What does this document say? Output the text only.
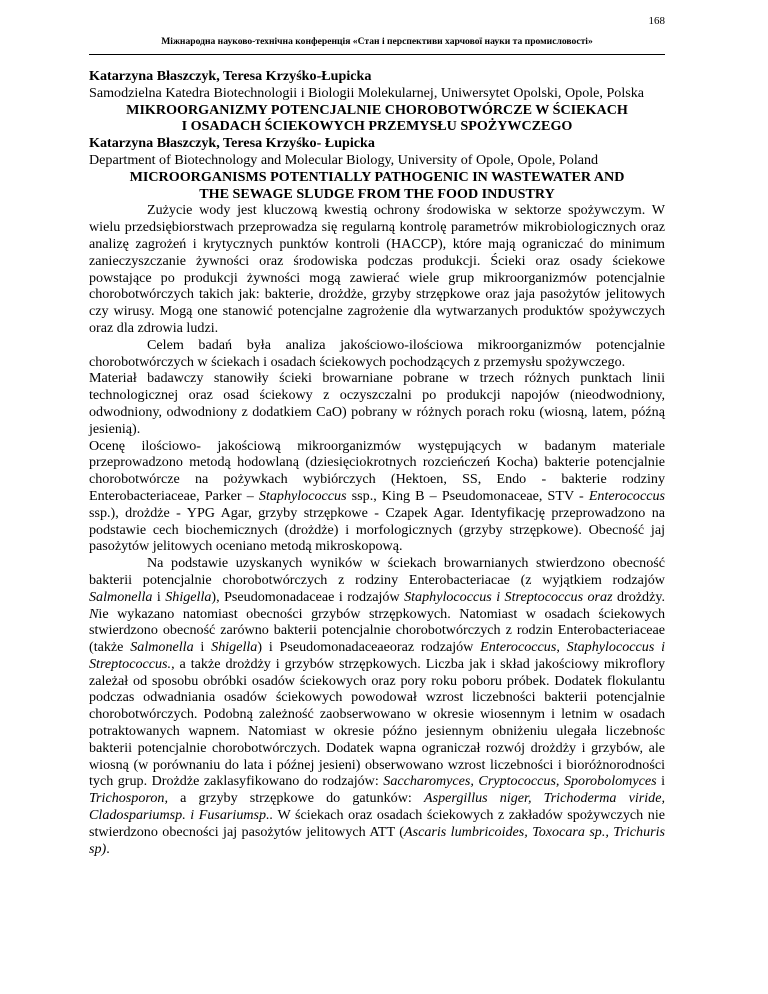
168
Міжнародна науково-технічна конференція «Стан і перспективи харчової науки та промисловості»

Katarzyna Błaszczyk, Teresa Krzyśko-Łupicka

Samodzielna Katedra Biotechnologii i Biologii Molekularnej, Uniwersytet Opolski, Opole, Polska

MIKROORGANIZMY POTENCJALNIE CHOROBOTWÓRCZE W ŚCIEKACH

I OSADACH ŚCIEKOWYCH PRZEMYSŁU SPOŻYWCZEGO

Katarzyna Błaszczyk, Teresa Krzyśko- Łupicka

Department of Biotechnology and Molecular Biology, University of Opole, Opole, Poland

MICROORGANISMS POTENTIALLY PATHOGENIC IN WASTEWATER AND

THE SEWAGE SLUDGE FROM THE FOOD INDUSTRY

Zużycie wody jest kluczową kwestią ochrony środowiska w sektorze spożywczym. W wielu przedsiębiorstwach przeprowadza się regularną kontrolę parametrów mikrobiologicznych oraz analizę zagrożeń i krytycznych punktów kontroli (HACCP), które mają ograniczać do minimum zanieczyszczanie żywności oraz środowiska podczas produkcji. Ścieki oraz osady ściekowe powstające po produkcji żywności mogą zawierać wiele grup mikroorganizmów potencjalnie chorobotwórczych takich jak: bakterie, drożdże, grzyby strzępkowe oraz jaja pasożytów jelitowych czy wirusy. Mogą one stanowić potencjalne zagrożenie dla wytwarzanych produktów spożywczych oraz dla zdrowia ludzi.

Celem badań była analiza jakościowo-ilościowa mikroorganizmów potencjalnie chorobotwórczych w ściekach i osadach ściekowych pochodzących z przemysłu spożywczego.

Materiał badawczy stanowiły ścieki browarniane pobrane w trzech różnych punktach linii technologicznej oraz osad ściekowy z oczyszczalni po produkcji napojów (nieodwodniony, odwodniony, odwodniony z dodatkiem CaO) pobrany w różnych porach roku (wiosną, latem, późną jesienią).

Ocenę ilościowo- jakościową mikroorganizmów występujących w badanym materiale przeprowadzono metodą hodowlaną (dziesięciokrotnych rozcieńczeń Kocha) bakterie potencjalnie chorobotwórcze na pożywkach wybiórczych (Hektoen, SS, Endo - bakterie rodziny Enterobacteriaceae, Parker – Staphylococcus ssp., King B – Pseudomonaceae, STV - Enterococcus ssp.), drożdże - YPG Agar, grzyby strzępkowe - Czapek Agar. Identyfikację przeprowadzono na podstawie cech biochemicznych (drożdże) i morfologicznych (grzyby strzępkowe). Obecność jaj pasożytów jelitowych oceniano metodą mikroskopową.

Na podstawie uzyskanych wyników w ściekach browarnianych stwierdzono obecność bakterii potencjalnie chorobotwórczych z rodziny Enterobacteriacae (z wyjątkiem rodzajów Salmonella i Shigella), Pseudomonadaceae i rodzajów Staphylococcus i Streptococcus oraz drożdży. Nie wykazano natomiast obecności grzybów strzępkowych. Natomiast w osadach ściekowych stwierdzono obecność zarówno bakterii potencjalnie chorobotwórczych z rodzin Enterobacteriaceae (także Salmonella i Shigella) i Pseudomonadaceaeoraz rodzajów Enterococcus, Staphylococcus i Streptococcus., a także drożdży i grzybów strzępkowych. Liczba jak i skład jakościowy mikroflory zależał od sposobu obróbki osadów ściekowych oraz pory roku poboru próbek. Dodatek flokulantu podczas odwadniania osadów ściekowych powodował wzrost liczebności bakterii potencjalnie chorobotwórczych. Podobną zależność zaobserwowano w okresie wiosennym i letnim w osadach potraktowanych wapnem. Natomiast w okresie późno jesiennym obniżeniu ulegała liczebnośc bakterii potencjalnie chorobotwórczych. Dodatek wapna ograniczał rozwój drożdży i grzybów, ale wiosną (w porównaniu do lata i późnej jesieni) obserwowano wzrost liczebności i bioróżnorodności tych grup. Drożdże zaklasyfikowano do rodzajów: Saccharomyces, Cryptococcus, Sporobolomyces i Trichosporon, a grzyby strzępkowe do gatunków: Aspergillus niger, Trichoderma viride, Cladospariumsp. i Fusariumsp.. W ściekach oraz osadach ściekowych z zakładów spożywczych nie stwierdzono obecności jaj pasożytów jelitowych ATT (Ascaris lumbricoides, Toxocara sp., Trichuris sp).
